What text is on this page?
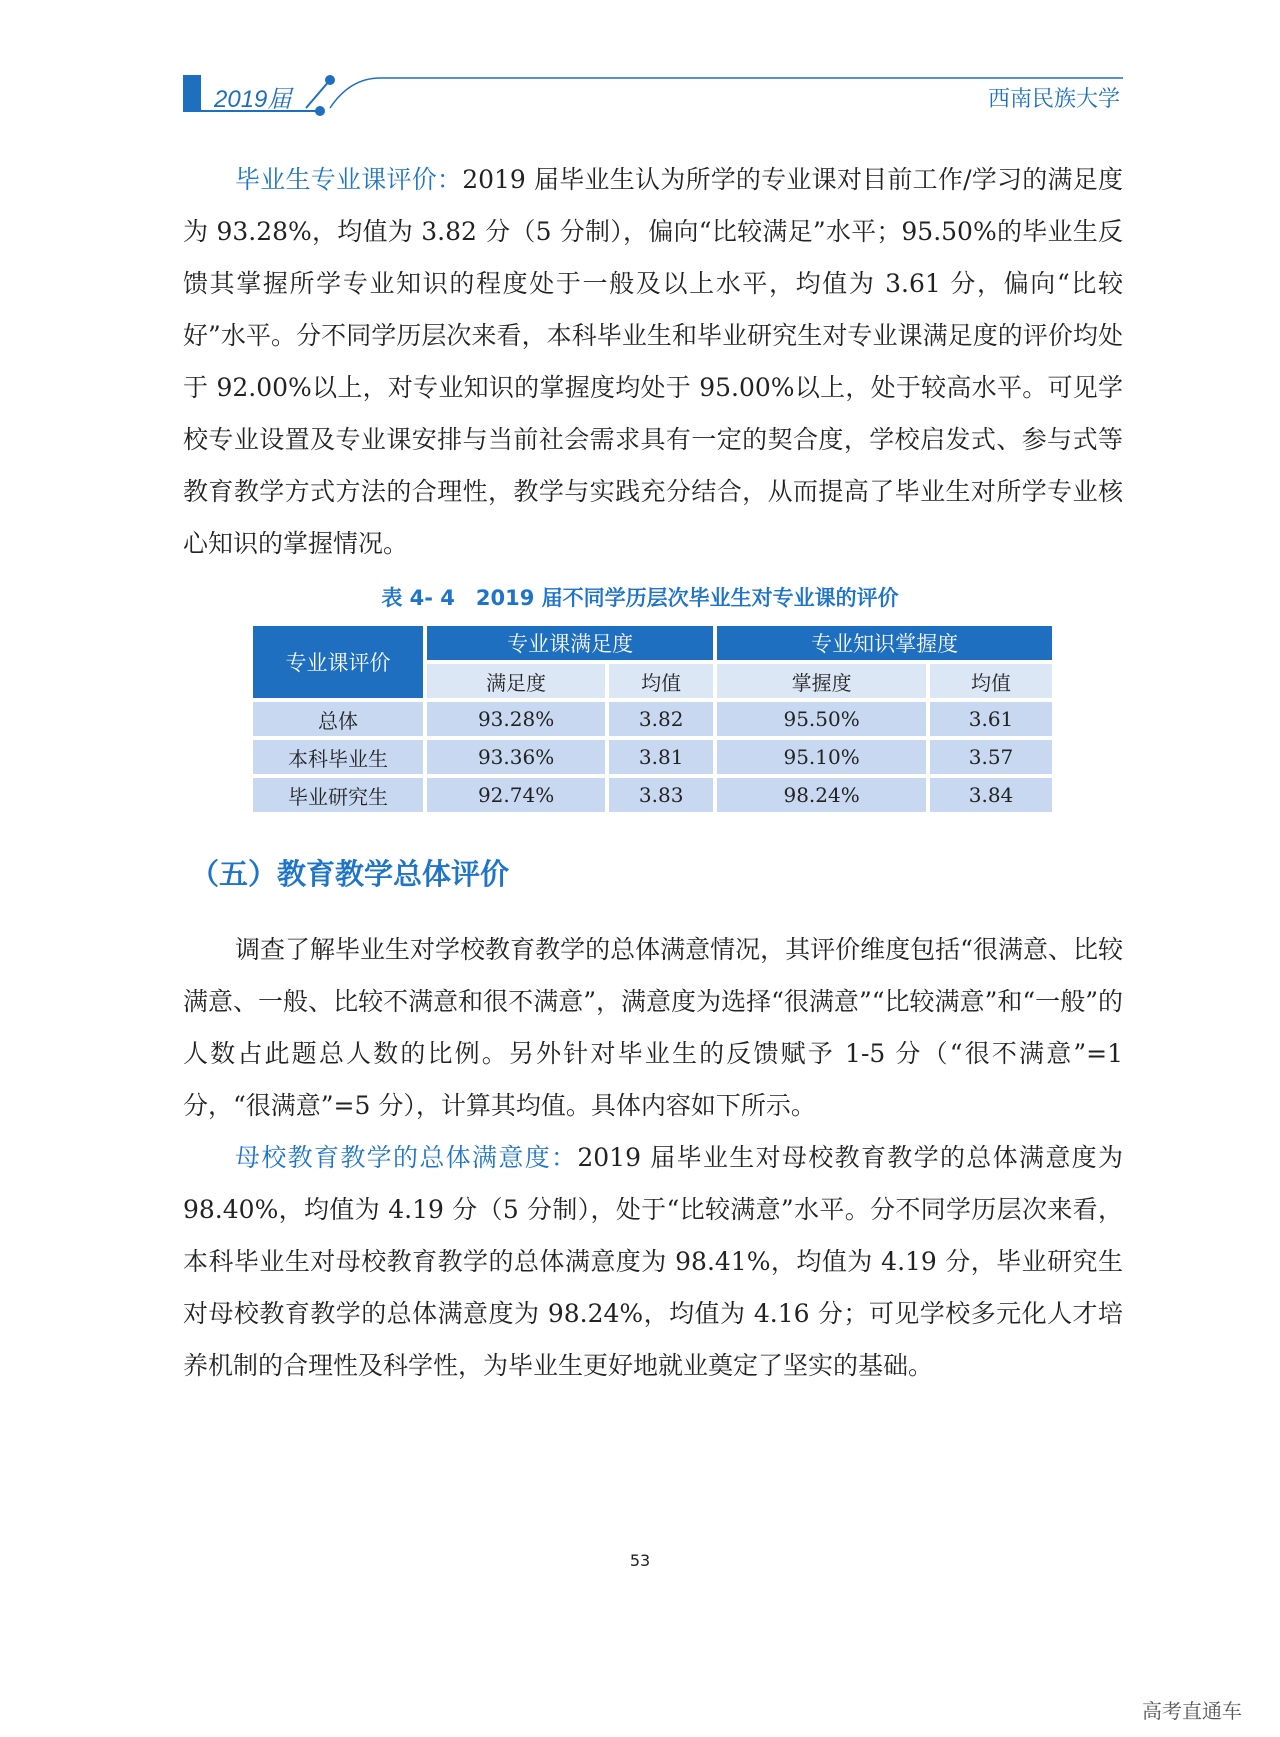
2019届	西南民族大学
毕业生专业课评价：2019 届毕业生认为所学的专业课对目前工作/学习的满足度为 93.28%，均值为 3.82 分（5 分制），偏向“比较满足”水平；95.50%的毕业生反馈其掌握所学专业知识的程度处于一般及以上水平，均值为 3.61 分，偏向“比较好”水平。分不同学历层次来看，本科毕业生和毕业研究生对专业课满足度的评价均处于 92.00%以上，对专业知识的掌握度均处于 95.00%以上，处于较高水平。可见学校专业设置及专业课安排与当前社会需求具有一定的契合度，学校启发式、参与式等教育教学方式方法的合理性，教学与实践充分结合，从而提高了毕业生对所学专业核心知识的掌握情况。
表 4- 4　2019 届不同学历层次毕业生对专业课的评价
专业课评价	专业课满足度		专业知识掌握度	
	满足度	均值	掌握度	均值
总体	93.28%	3.82	95.50%	3.61
本科毕业生	93.36%	3.81	95.10%	3.57
毕业研究生	92.74%	3.83	98.24%	3.84
（五）教育教学总体评价
调查了解毕业生对学校教育教学的总体满意情况，其评价维度包括“很满意、比较满意、一般、比较不满意和很不满意”，满意度为选择“很满意”“比较满意”和“一般”的人数占此题总人数的比例。另外针对毕业生的反馈赋予 1-5 分（“很不满意”=1 分，“很满意”=5 分），计算其均值。具体内容如下所示。
母校教育教学的总体满意度：2019 届毕业生对母校教育教学的总体满意度为 98.40%，均值为 4.19 分（5 分制），处于“比较满意”水平。分不同学历层次来看，本科毕业生对母校教育教学的总体满意度为 98.41%，均值为 4.19 分，毕业研究生对母校教育教学的总体满意度为 98.24%，均值为 4.16 分；可见学校多元化人才培养机制的合理性及科学性，为毕业生更好地就业奠定了坚实的基础。
53
高考直通车
